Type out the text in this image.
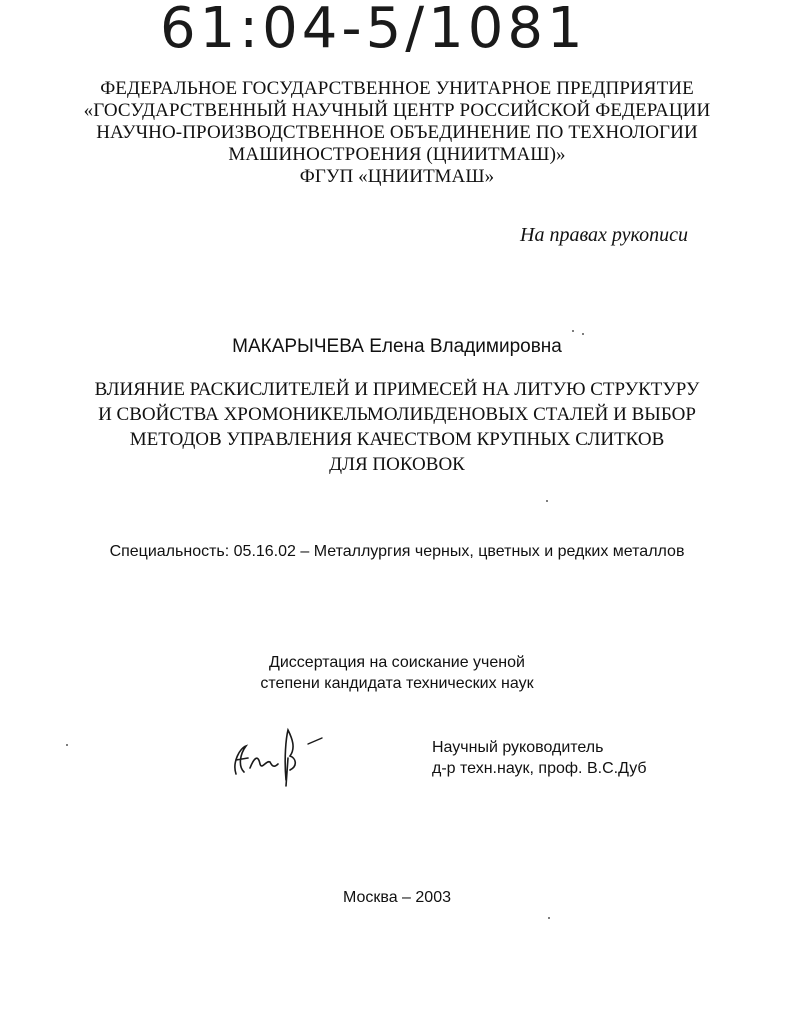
61:04-5/1081
ФЕДЕРАЛЬНОЕ ГОСУДАРСТВЕННОЕ УНИТАРНОЕ ПРЕДПРИЯТИЕ
«ГОСУДАРСТВЕННЫЙ НАУЧНЫЙ ЦЕНТР РОССИЙСКОЙ ФЕДЕРАЦИИ
НАУЧНО-ПРОИЗВОДСТВЕННОЕ ОБЪЕДИНЕНИЕ ПО ТЕХНОЛОГИИ
МАШИНОСТРОЕНИЯ (ЦНИИТМАШ)»
ФГУП «ЦНИИТМАШ»
На правах рукописи
МАКАРЫЧЕВА Елена Владимировна
ВЛИЯНИЕ РАСКИСЛИТЕЛЕЙ И ПРИМЕСЕЙ НА ЛИТУЮ СТРУКТУРУ
И СВОЙСТВА ХРОМОНИКЕЛЬМОЛИБДЕНОВЫХ СТАЛЕЙ И ВЫБОР
МЕТОДОВ УПРАВЛЕНИЯ КАЧЕСТВОМ КРУПНЫХ СЛИТКОВ
ДЛЯ ПОКОВОК
Специальность: 05.16.02 – Металлургия черных, цветных и редких металлов
Диссертация на соискание ученой
степени кандидата технических наук
Научный руководитель
д-р техн.наук, проф. В.С.Дуб
Москва – 2003
